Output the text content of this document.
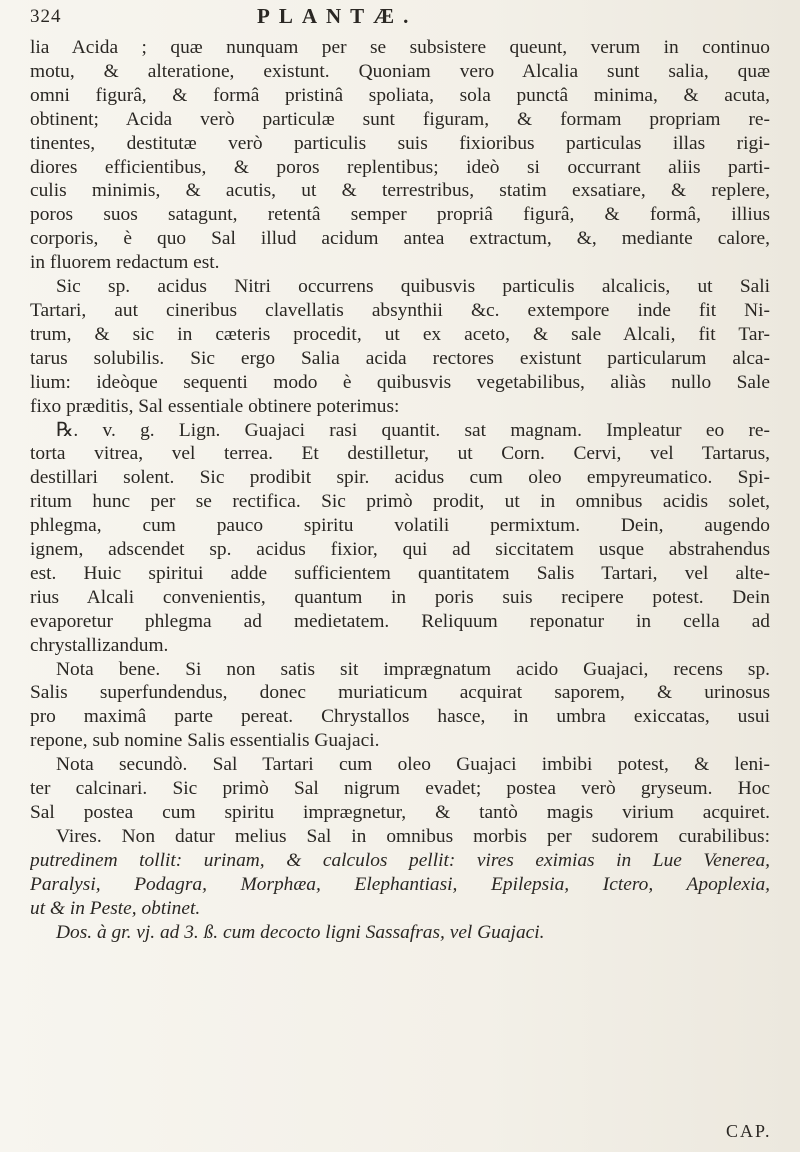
324	PLANTÆ.
lia Acida ; quæ nunquam per se subsistere queunt, verum in continuo
motu, & alteratione, existunt. Quoniam vero Alcalia sunt salia, quæ
omni figurâ, & formâ pristinâ spoliata, sola punctâ minima, & acuta,
obtinent; Acida verò particulæ sunt figuram, & formam propriam re-
tinentes, destitutæ verò particulis suis fixioribus particulas illas rigi-
diores efficientibus, & poros replentibus; ideò si occurrant aliis parti-
culis minimis, & acutis, ut & terrestribus, statim exsatiare, & replere,
poros suos satagunt, retentâ semper propriâ figurâ, & formâ, illius
corporis, è quo Sal illud acidum antea extractum, &, mediante calore,
in fluorem redactum est.
Sic sp. acidus Nitri occurrens quibusvis particulis alcalicis, ut Sali
Tartari, aut cineribus clavellatis absynthii &c. extempore inde fit Ni-
trum, & sic in cæteris procedit, ut ex aceto, & sale Alcali, fit Tar-
tarus solubilis. Sic ergo Salia acida rectores existunt particularum alca-
lium: ideòque sequenti modo è quibusvis vegetabilibus, aliàs nullo Sale
fixo præditis, Sal essentiale obtinere poterimus:
℞. v. g. Lign. Guajaci rasi quantit. sat magnam. Impleatur eo re-
torta vitrea, vel terrea. Et destilletur, ut Corn. Cervi, vel Tartarus,
destillari solent. Sic prodibit spir. acidus cum oleo empyreumatico. Spi-
ritum hunc per se rectifica. Sic primò prodit, ut in omnibus acidis solet,
phlegma, cum pauco spiritu volatili permixtum. Dein, augendo
ignem, adscendet sp. acidus fixior, qui ad siccitatem usque abstrahendus
est. Huic spiritui adde sufficientem quantitatem Salis Tartari, vel alte-
rius Alcali convenientis, quantum in poris suis recipere potest. Dein
evaporetur phlegma ad medietatem. Reliquum reponatur in cella ad
chrystallizandum.
Nota bene. Si non satis sit imprægnatum acido Guajaci, recens sp.
Salis superfundendus, donec muriaticum acquirat saporem, & urinosus
pro maximâ parte pereat. Chrystallos hasce, in umbra exiccatas, usui
repone, sub nomine Salis essentialis Guajaci.
Nota secundò. Sal Tartari cum oleo Guajaci imbibi potest, & leni-
ter calcinari. Sic primò Sal nigrum evadet; postea verò gryseum. Hoc
Sal postea cum spiritu imprægnetur, & tantò magis virium acquiret.
Vires. Non datur melius Sal in omnibus morbis per sudorem curabilibus:
putredinem tollit: urinam, & calculos pellit: vires eximias in Lue Venerea,
Paralysi, Podagra, Morphæa, Elephantiasi, Epilepsia, Ictero, Apoplexia,
ut & in Peste, obtinet.
Dos. à gr. vj. ad 3. ß. cum decocto ligni Sassafras, vel Guajaci.
CAP.
